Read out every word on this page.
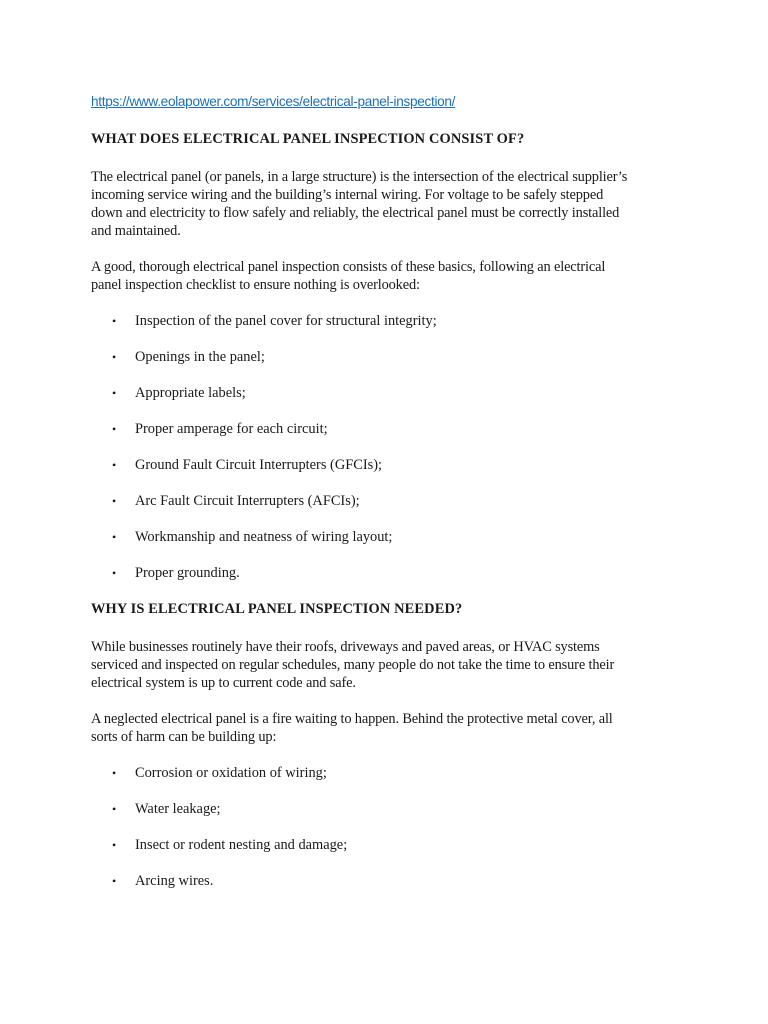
https://www.eolapower.com/services/electrical-panel-inspection/
WHAT DOES ELECTRICAL PANEL INSPECTION CONSIST OF?

The electrical panel (or panels, in a large structure) is the intersection of the electrical supplier’s
incoming service wiring and the building’s internal wiring. For voltage to be safely stepped
down and electricity to flow safely and reliably, the electrical panel must be correctly installed
and maintained.

A good, thorough electrical panel inspection consists of these basics, following an electrical
panel inspection checklist to ensure nothing is overlooked:

• Inspection of the panel cover for structural integrity;
• Openings in the panel;
• Appropriate labels;
• Proper amperage for each circuit;
• Ground Fault Circuit Interrupters (GFCIs);
• Arc Fault Circuit Interrupters (AFCIs);
• Workmanship and neatness of wiring layout;
• Proper grounding.
WHY IS ELECTRICAL PANEL INSPECTION NEEDED?

While businesses routinely have their roofs, driveways and paved areas, or HVAC systems
serviced and inspected on regular schedules, many people do not take the time to ensure their
electrical system is up to current code and safe.

A neglected electrical panel is a fire waiting to happen. Behind the protective metal cover, all
sorts of harm can be building up:

• Corrosion or oxidation of wiring;
• Water leakage;
• Insect or rodent nesting and damage;
• Arcing wires.
